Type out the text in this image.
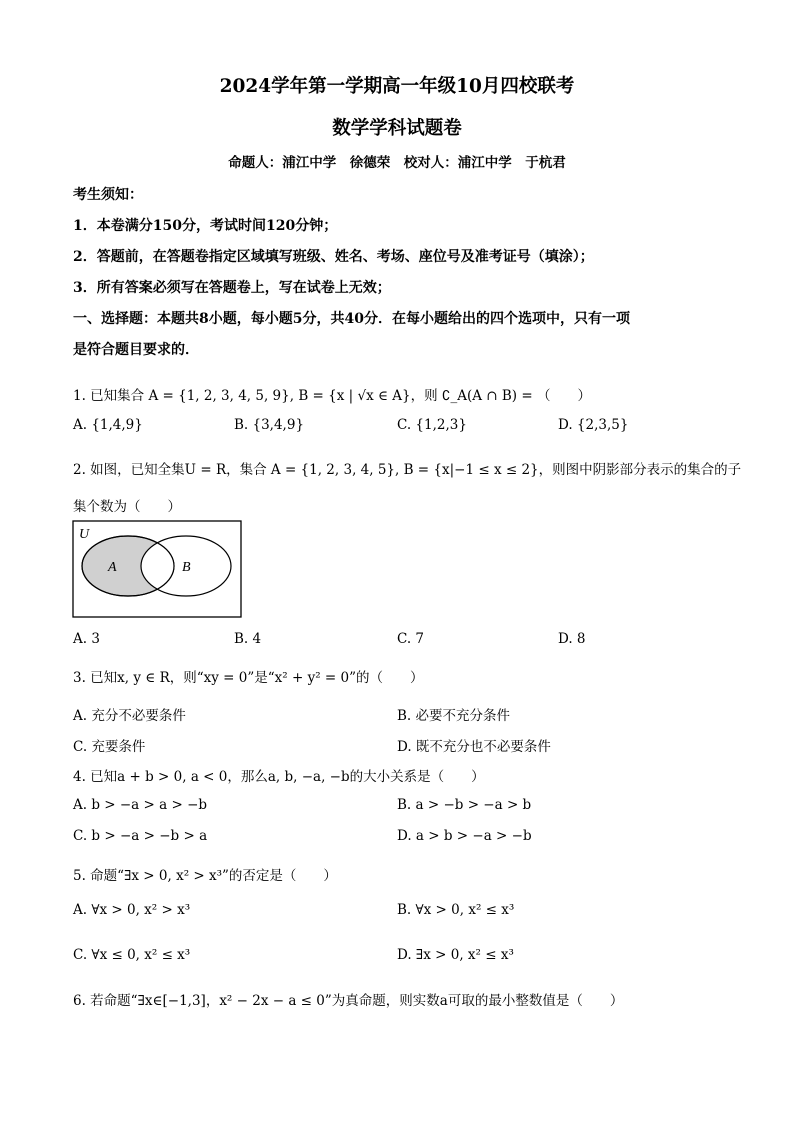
2024学年第一学期高一年级10月四校联考
数学学科试题卷
命题人：浦江中学　徐德荣　校对人：浦江中学　于杭君
考生须知：
1．本卷满分150分，考试时间120分钟；
2．答题前，在答题卷指定区域填写班级、姓名、考场、座位号及准考证号（填涂）；
3．所有答案必须写在答题卷上，写在试卷上无效；
一、选择题：本题共8小题，每小题5分，共40分．在每小题给出的四个选项中，只有一项
是符合题目要求的．
1. 已知集合 A = {1, 2, 3, 4, 5, 9}, B = {x | √x ∈ A}，则 ∁_A(A ∩ B) = （　　）
A. {1,4,9}	B. {3,4,9}	C. {1,2,3}	D. {2,3,5}
2. 如图，已知全集U = R，集合 A = {1, 2, 3, 4, 5}, B = {x|−1 ≤ x ≤ 2}，则图中阴影部分表示的集合的子
集个数为（　　）
U
A	B
A. 3	B. 4	C. 7	D. 8
3. 已知x, y ∈ R，则“xy = 0”是“x² + y² = 0”的（　　）
A. 充分不必要条件	B. 必要不充分条件
C. 充要条件	D. 既不充分也不必要条件
4. 已知a + b > 0, a < 0，那么a, b, −a, −b的大小关系是（　　）
A. b > −a > a > −b	B. a > −b > −a > b
C. b > −a > −b > a	D. a > b > −a > −b
5. 命题“∃x > 0, x² > x³”的否定是（　　）
A. ∀x > 0, x² > x³	B. ∀x > 0, x² ≤ x³
C. ∀x ≤ 0, x² ≤ x³	D. ∃x > 0, x² ≤ x³
6. 若命题“∃x∈[−1,3]，x² − 2x − a ≤ 0”为真命题，则实数a可取的最小整数值是（　　）
